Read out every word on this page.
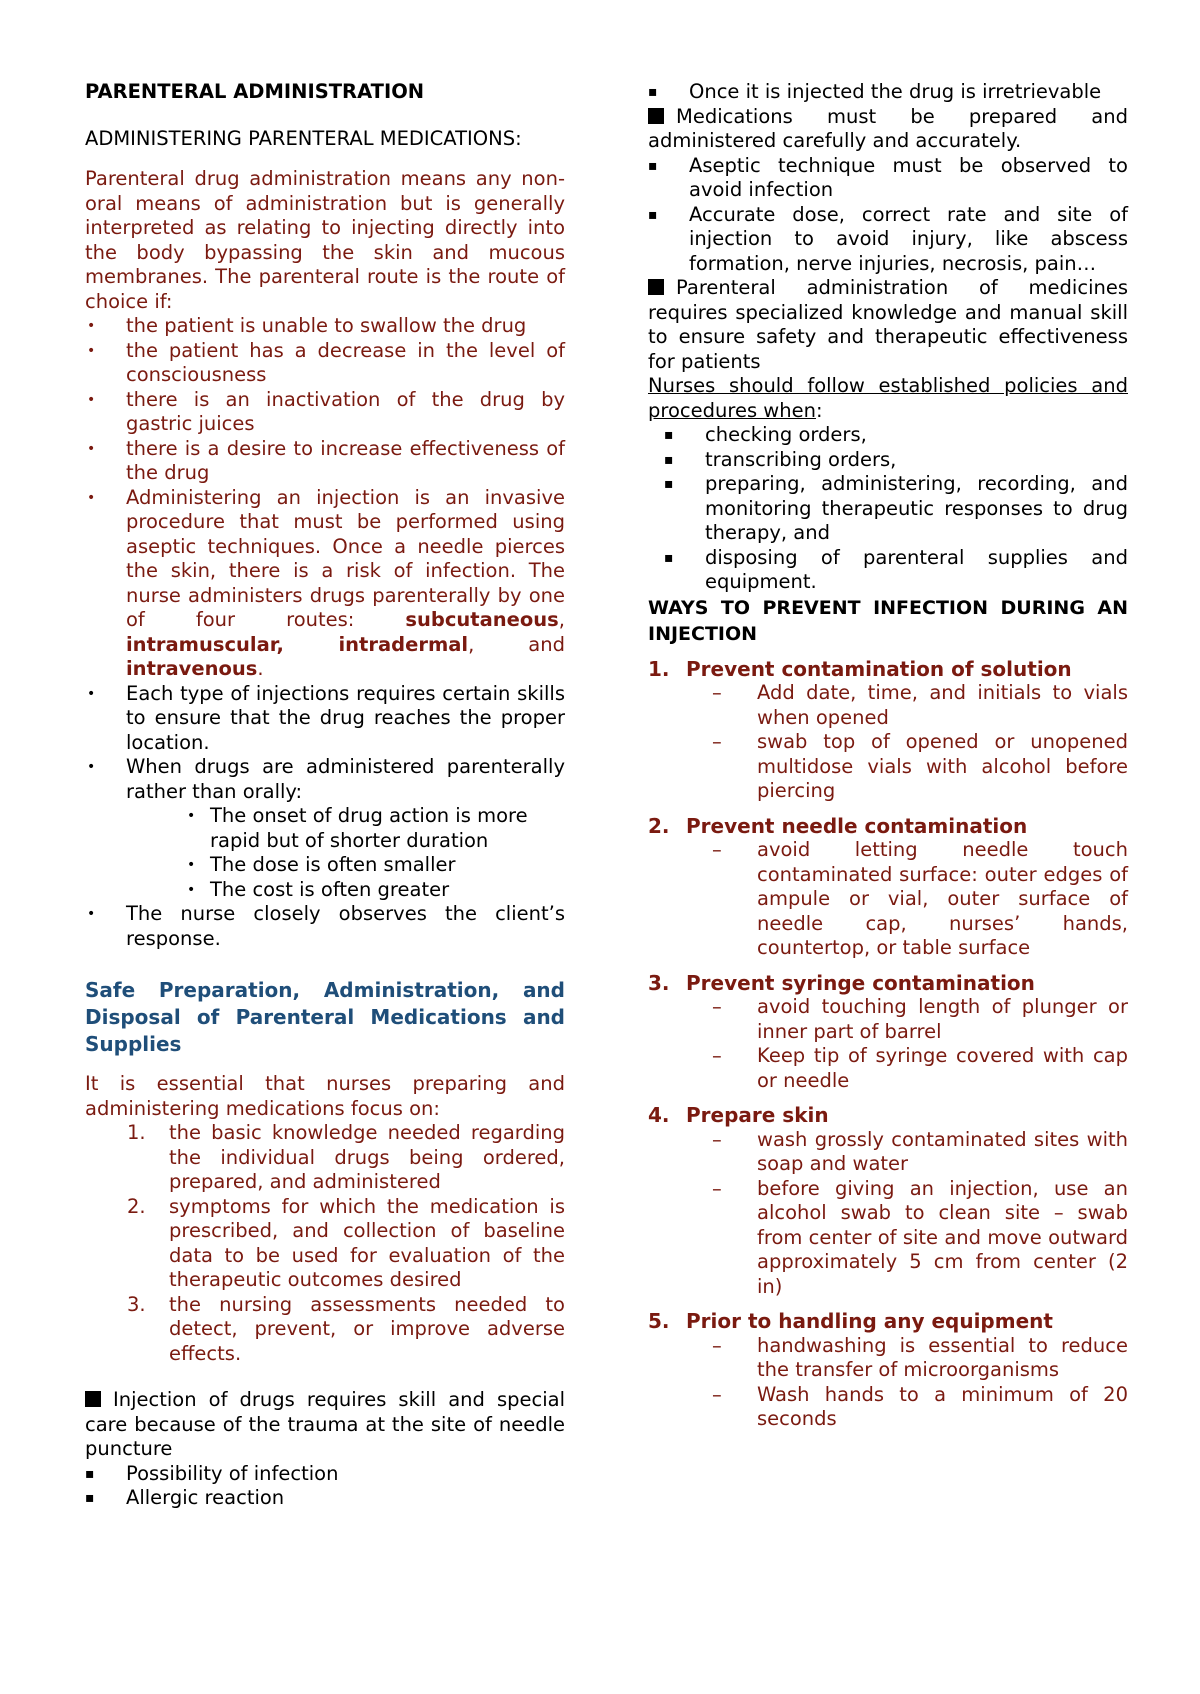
PARENTERAL ADMINISTRATION

ADMINISTERING PARENTERAL MEDICATIONS:

Parenteral drug administration means any non-oral means of administration but is generally interpreted as relating to injecting directly into the body bypassing the skin and mucous membranes. The parenteral route is the route of choice if:

• the patient is unable to swallow the drug
• the patient has a decrease in the level of consciousness
• there is an inactivation of the drug by gastric juices
• there is a desire to increase effectiveness of the drug
• Administering an injection is an invasive procedure that must be performed using aseptic techniques. Once a needle pierces the skin, there is a risk of infection. The nurse administers drugs parenterally by one of four routes: subcutaneous, intramuscular, intradermal, and intravenous.
• Each type of injections requires certain skills to ensure that the drug reaches the proper location.
• When drugs are administered parenterally rather than orally:
• The onset of drug action is more rapid but of shorter duration
• The dose is often smaller
• The cost is often greater
• The nurse closely observes the client’s response.

Safe Preparation, Administration, and Disposal of Parenteral Medications and Supplies

It is essential that nurses preparing and administering medications focus on:

1. the basic knowledge needed regarding the individual drugs being ordered, prepared, and administered
2. symptoms for which the medication is prescribed, and collection of baseline data to be used for evaluation of the therapeutic outcomes desired
3. the nursing assessments needed to detect, prevent, or improve adverse effects.

Injection of drugs requires skill and special care because of the trauma at the site of needle puncture

▪ Possibility of infection
▪ Allergic reaction
▪ Once it is injected the drug is irretrievable

Medications must be prepared and administered carefully and accurately.

▪ Aseptic technique must be observed to avoid infection
▪ Accurate dose, correct rate and site of injection to avoid injury, like abscess formation, nerve injuries, necrosis, pain…

Parenteral administration of medicines requires specialized knowledge and manual skill to ensure safety and therapeutic effectiveness for patients

Nurses should follow established policies and procedures when:

▪ checking orders,
▪ transcribing orders,
▪ preparing, administering, recording, and monitoring therapeutic responses to drug therapy, and
▪ disposing of parenteral supplies and equipment.

WAYS TO PREVENT INFECTION DURING AN INJECTION

1. Prevent contamination of solution
– Add date, time, and initials to vials when opened
– swab top of opened or unopened multidose vials with alcohol before piercing
2. Prevent needle contamination
– avoid letting needle touch contaminated surface: outer edges of ampule or vial, outer surface of needle cap, nurses’ hands, countertop, or table surface
3. Prevent syringe contamination
– avoid touching length of plunger or inner part of barrel
– Keep tip of syringe covered with cap or needle
4. Prepare skin
– wash grossly contaminated sites with soap and water
– before giving an injection, use an alcohol swab to clean site – swab from center of site and move outward approximately 5 cm from center (2 in)
5. Prior to handling any equipment
– handwashing is essential to reduce the transfer of microorganisms
– Wash hands to a minimum of 20 seconds
